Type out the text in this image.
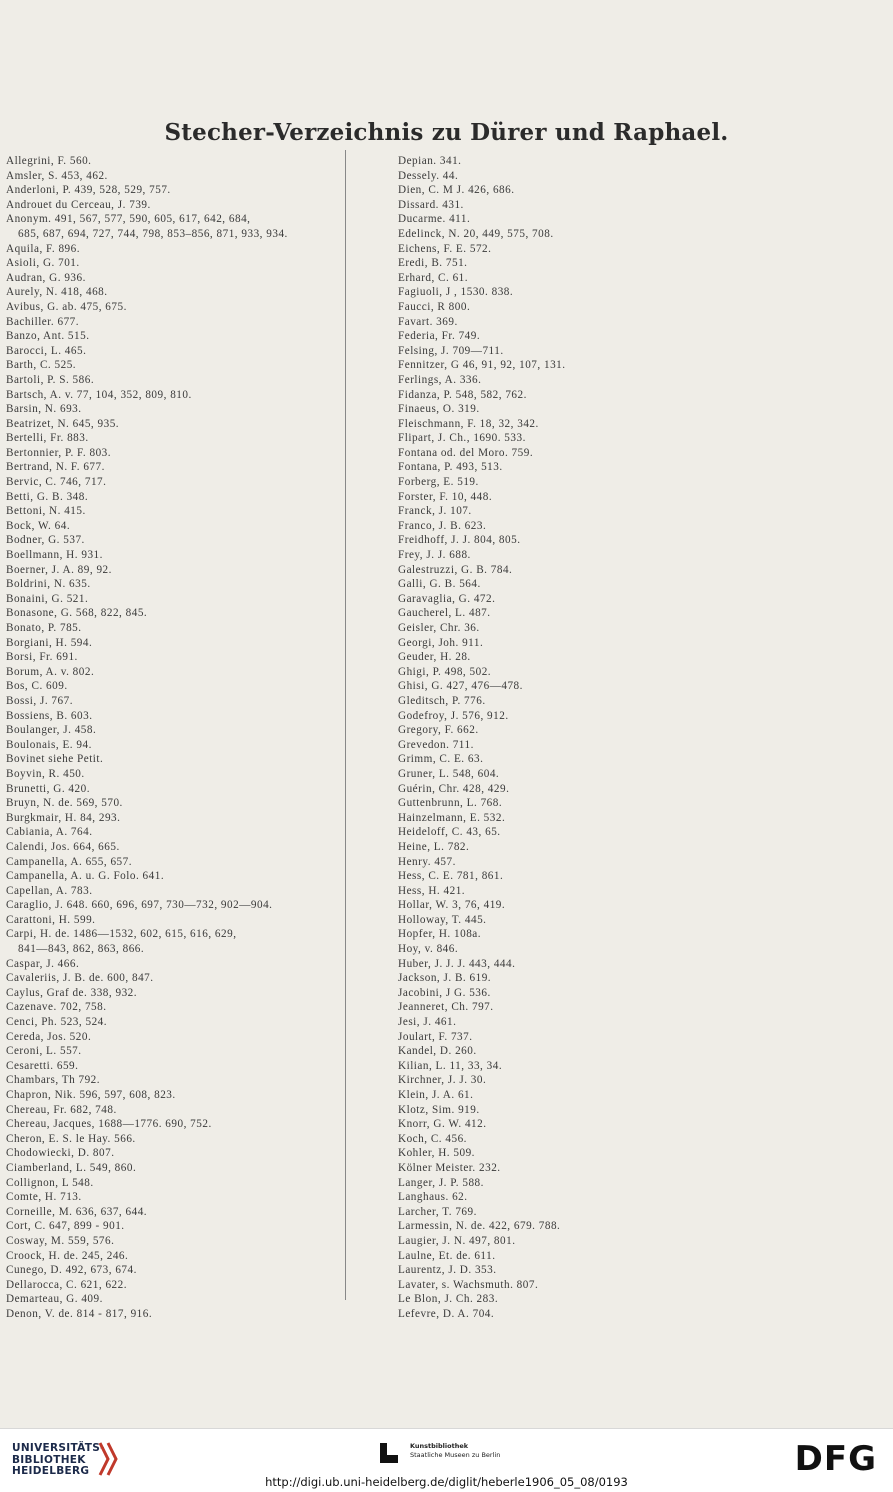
Stecher-Verzeichnis zu Dürer und Raphael.
Allegrini, F. 560.
Amsler, S. 453, 462.
Anderloni, P. 439, 528, 529, 757.
Androuet du Cerceau, J. 739.
Anonym. 491, 567, 577, 590, 605, 617, 642, 684,
685, 687, 694, 727, 744, 798, 853–856, 871, 933, 934.
Aquila, F. 896.
Asioli, G. 701.
Audran, G. 936.
Aurely, N. 418, 468.
Avibus, G. ab. 475, 675.
Bachiller. 677.
Banzo, Ant. 515.
Barocci, L. 465.
Barth, C. 525.
Bartoli, P. S. 586.
Bartsch, A. v. 77, 104, 352, 809, 810.
Barsin, N. 693.
Beatrizet, N. 645, 935.
Bertelli, Fr. 883.
Bertonnier, P. F. 803.
Bertrand, N. F. 677.
Bervic, C. 746, 717.
Betti, G. B. 348.
Bettoni, N. 415.
Bock, W. 64.
Bodner, G. 537.
Boellmann, H. 931.
Boerner, J. A. 89, 92.
Boldrini, N. 635.
Bonaini, G. 521.
Bonasone, G. 568, 822, 845.
Bonato, P. 785.
Borgiani, H. 594.
Borsi, Fr. 691.
Borum, A. v. 802.
Bos, C. 609.
Bossi, J. 767.
Bossiens, B. 603.
Boulanger, J. 458.
Boulonais, E. 94.
Bovinet siehe Petit.
Boyvin, R. 450.
Brunetti, G. 420.
Bruyn, N. de. 569, 570.
Burgkmair, H. 84, 293.
Cabiania, A. 764.
Calendi, Jos. 664, 665.
Campanella, A. 655, 657.
Campanella, A. u. G. Folo. 641.
Capellan, A. 783.
Caraglio, J. 648. 660, 696, 697, 730—732, 902—904.
Carattoni, H. 599.
Carpi, H. de. 1486—1532, 602, 615, 616, 629,
841—843, 862, 863, 866.
Caspar, J. 466.
Cavaleriis, J. B. de. 600, 847.
Caylus, Graf de. 338, 932.
Cazenave. 702, 758.
Cenci, Ph. 523, 524.
Cereda, Jos. 520.
Ceroni, L. 557.
Cesaretti. 659.
Chambars, Th 792.
Chapron, Nik. 596, 597, 608, 823.
Chereau, Fr. 682, 748.
Chereau, Jacques, 1688—1776. 690, 752.
Cheron, E. S. le Hay. 566.
Chodowiecki, D. 807.
Ciamberland, L. 549, 860.
Collignon, L 548.
Comte, H. 713.
Corneille, M. 636, 637, 644.
Cort, C. 647, 899 - 901.
Cosway, M. 559, 576.
Croock, H. de. 245, 246.
Cunego, D. 492, 673, 674.
Dellarocca, C. 621, 622.
Demarteau, G. 409.
Denon, V. de. 814 - 817, 916.
Depian. 341.
Dessely. 44.
Dien, C. M J. 426, 686.
Dissard. 431.
Ducarme. 411.
Edelinck, N. 20, 449, 575, 708.
Eichens, F. E. 572.
Eredi, B. 751.
Erhard, C. 61.
Fagiuoli, J , 1530. 838.
Faucci, R 800.
Favart. 369.
Federia, Fr. 749.
Felsing, J. 709—711.
Fennitzer, G 46, 91, 92, 107, 131.
Ferlings, A. 336.
Fidanza, P. 548, 582, 762.
Finaeus, O. 319.
Fleischmann, F. 18, 32, 342.
Flipart, J. Ch., 1690. 533.
Fontana od. del Moro. 759.
Fontana, P. 493, 513.
Forberg, E. 519.
Forster, F. 10, 448.
Franck, J. 107.
Franco, J. B. 623.
Freidhoff, J. J. 804, 805.
Frey, J. J. 688.
Galestruzzi, G. B. 784.
Galli, G. B. 564.
Garavaglia, G. 472.
Gaucherel, L. 487.
Geisler, Chr. 36.
Georgi, Joh. 911.
Geuder, H. 28.
Ghigi, P. 498, 502.
Ghisi, G. 427, 476—478.
Gleditsch, P. 776.
Godefroy, J. 576, 912.
Gregory, F. 662.
Grevedon. 711.
Grimm, C. E. 63.
Gruner, L. 548, 604.
Guérin, Chr. 428, 429.
Guttenbrunn, L. 768.
Hainzelmann, E. 532.
Heideloff, C. 43, 65.
Heine, L. 782.
Henry. 457.
Hess, C. E. 781, 861.
Hess, H. 421.
Hollar, W. 3, 76, 419.
Holloway, T. 445.
Hopfer, H. 108a.
Hoy, v. 846.
Huber, J. J. J. 443, 444.
Jackson, J. B. 619.
Jacobini, J G. 536.
Jeanneret, Ch. 797.
Jesi, J. 461.
Joulart, F. 737.
Kandel, D. 260.
Kilian, L. 11, 33, 34.
Kirchner, J. J. 30.
Klein, J. A. 61.
Klotz, Sim. 919.
Knorr, G. W. 412.
Koch, C. 456.
Kohler, H. 509.
Kölner Meister. 232.
Langer, J. P. 588.
Langhaus. 62.
Larcher, T. 769.
Larmessin, N. de. 422, 679. 788.
Laugier, J. N. 497, 801.
Laulne, Et. de. 611.
Laurentz, J. D. 353.
Lavater, s. Wachsmuth. 807.
Le Blon, J. Ch. 283.
Lefevre, D. A. 704.
UNIVERSITÄTS-
BIBLIOTHEK
HEIDELBERG
Kunstbibliothek
Staatliche Museen zu Berlin	DFG
http://digi.ub.uni-heidelberg.de/diglit/heberle1906_05_08/0193
